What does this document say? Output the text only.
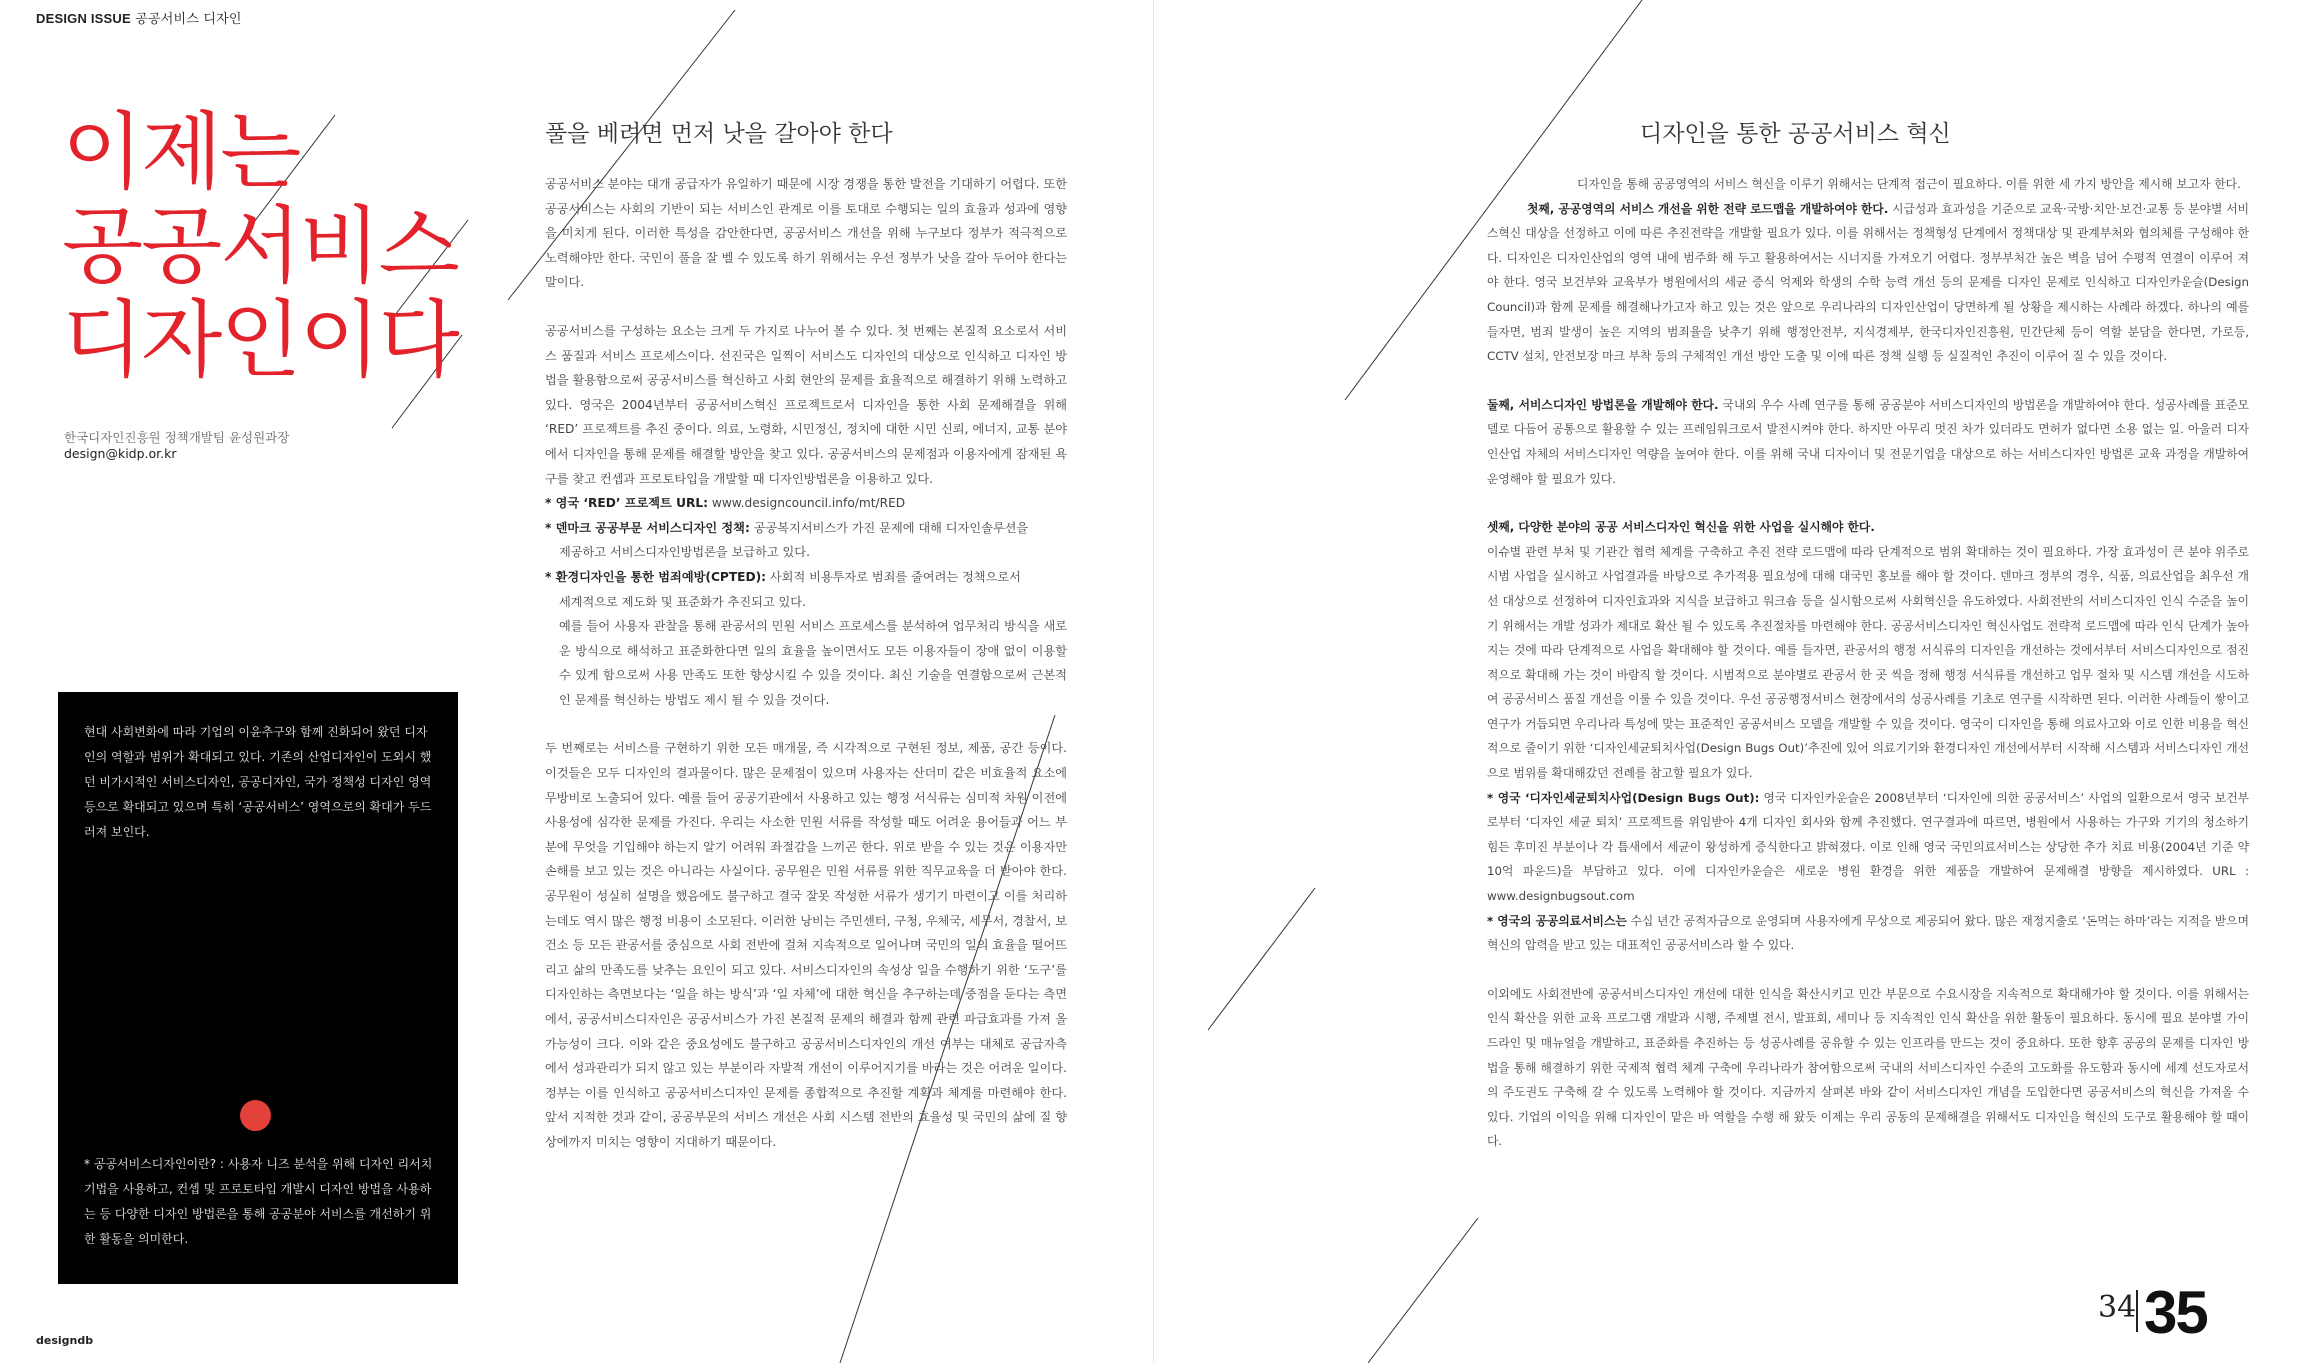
DESIGN ISSUE 공공서비스 디자인
이제는
공공서비스
디자인이다
한국디자인진흥원 정책개발팀 윤성원과장
design@kidp.or.kr
풀을 베려면 먼저 낫을 갈아야 한다

공공서비스 분야는 대개 공급자가 유일하기 때문에 시장 경쟁을 통한 발전을 기대하기 어렵다. 또한 공공서비스는 사회의 기반이 되는 서비스인 관계로 이를 토대로 수행되는 일의 효율과 성과에 영향을 미치게 된다. 이러한 특성을 감안한다면, 공공서비스 개선을 위해 누구보다 정부가 적극적으로 노력해야만 한다. 국민이 풀을 잘 벨 수 있도록 하기 위해서는 우선 정부가 낫을 갈아 두어야 한다는 말이다.

공공서비스를 구성하는 요소는 크게 두 가지로 나누어 볼 수 있다. 첫 번째는 본질적 요소로서 서비스 품질과 서비스 프로세스이다. 선진국은 일찍이 서비스도 디자인의 대상으로 인식하고 디자인 방법을 활용함으로써 공공서비스를 혁신하고 사회 현안의 문제를 효율적으로 해결하기 위해 노력하고 있다. 영국은 2004년부터 공공서비스혁신 프로젝트로서 디자인을 통한 사회 문제해결을 위해 ‘RED’ 프로젝트를 추진 중이다. 의료, 노령화, 시민정신, 정치에 대한 시민 신뢰, 에너지, 교통 분야에서 디자인을 통해 문제를 해결할 방안을 찾고 있다. 공공서비스의 문제점과 이용자에게 잠재된 욕구를 찾고 컨셉과 프로토타입을 개발할 때 디자인방법론을 이용하고 있다.

* 영국 ‘RED’ 프로젝트 URL: www.designcouncil.info/mt/RED

* 덴마크 공공부문 서비스디자인 정책: 공공복지서비스가 가진 문제에 대해 디자인솔루션을

제공하고 서비스디자인방법론을 보급하고 있다.

* 환경디자인을 통한 범죄예방(CPTED): 사회적 비용투자로 범죄를 줄여려는 정책으로서

세계적으로 제도화 및 표준화가 추진되고 있다.

예를 들어 사용자 관찰을 통해 관공서의 민원 서비스 프로세스를 분석하여 업무처리 방식을 새로운 방식으로 해석하고 표준화한다면 일의 효율을 높이면서도 모든 이용자들이 장애 없이 이용할 수 있게 함으로써 사용 만족도 또한 향상시킬 수 있을 것이다. 최신 기술을 연결함으로써 근본적인 문제를 혁신하는 방법도 제시 될 수 있을 것이다.

두 번째로는 서비스를 구현하기 위한 모든 매개물, 즉 시각적으로 구현된 정보, 제품, 공간 등이다. 이것들은 모두 디자인의 결과물이다. 많은 문제점이 있으며 사용자는 산더미 같은 비효율적 요소에 무방비로 노출되어 있다. 예를 들어 공공기관에서 사용하고 있는 행정 서식류는 심미적 차원 이전에 사용성에 심각한 문제를 가진다. 우리는 사소한 민원 서류를 작성할 때도 어려운 용어들과 어느 부분에 무엇을 기입해야 하는지 알기 어려워 좌절감을 느끼곤 한다. 위로 받을 수 있는 것은 이용자만 손해를 보고 있는 것은 아니라는 사실이다. 공무원은 민원 서류를 위한 직무교육을 더 받아야 한다. 공무원이 성실히 설명을 했음에도 불구하고 결국 잘못 작성한 서류가 생기기 마련이고 이를 처리하는데도 역시 많은 행정 비용이 소모된다. 이러한 낭비는 주민센터, 구청, 우체국, 세무서, 경찰서, 보건소 등 모든 관공서를 중심으로 사회 전반에 걸쳐 지속적으로 일어나며 국민의 일의 효율을 떨어뜨리고 삶의 만족도를 낮추는 요인이 되고 있다. 서비스디자인의 속성상 일을 수행하기 위한 ‘도구’를 디자인하는 측면보다는 ‘일을 하는 방식’과 ‘일 자체’에 대한 혁신을 추구하는데 중점을 둔다는 측면에서, 공공서비스디자인은 공공서비스가 가진 본질적 문제의 해결과 함께 관련 파급효과를 가져 올 가능성이 크다. 이와 같은 중요성에도 불구하고 공공서비스디자인의 개선 여부는 대체로 공급자측에서 성과관리가 되지 않고 있는 부분이라 자발적 개선이 이루어지기를 바라는 것은 어려운 일이다. 정부는 이를 인식하고 공공서비스디자인 문제를 종합적으로 추진할 계획과 체계를 마련해야 한다. 앞서 지적한 것과 같이, 공공부문의 서비스 개선은 사회 시스템 전반의 효율성 및 국민의 삶에 질 향상에까지 미치는 영향이 지대하기 때문이다.

현대 사회변화에 따라 기업의 이윤추구와 함께 진화되어 왔던 디자인의 역할과 범위가 확대되고 있다. 기존의 산업디자인이 도외시 했던 비가시적인 서비스디자인, 공공디자인, 국가 정책성 디자인 영역 등으로 확대되고 있으며 특히 ‘공공서비스’ 영역으로의 확대가 두드러져 보인다.
* 공공서비스디자인이란? : 사용자 니즈 분석을 위해 디자인 리서치 기법을 사용하고, 컨셉 및 프로토타입 개발시 디자인 방법을 사용하는 등 다양한 디자인 방법론을 통해 공공분야 서비스를 개선하기 위한 활동을 의미한다.
디자인을 통한 공공서비스 혁신

디자인을 통해 공공영역의 서비스 혁신을 이루기 위해서는 단계적 접근이 필요하다. 이를 위한 세 가지 방안을 제시해 보고자 한다.

첫째, 공공영역의 서비스 개선을 위한 전략 로드맵을 개발하여야 한다. 시급성과 효과성을 기준으로 교육·국방·치안·보건·교통 등 분야별 서비스혁신 대상을 선정하고 이에 따른 추진전략을 개발할 필요가 있다. 이를 위해서는 정책형성 단계에서 정책대상 및 관계부처와 협의체를 구성해야 한다. 디자인은 디자인산업의 영역 내에 범주화 해 두고 활용하여서는 시너지를 가져오기 어렵다. 정부부처간 높은 벽을 넘어 수평적 연결이 이루어 져야 한다. 영국 보건부와 교육부가 병원에서의 세균 증식 억제와 학생의 수학 능력 개선 등의 문제를 디자인 문제로 인식하고 디자인카운슬(Design Council)과 함께 문제를 해결해나가고자 하고 있는 것은 앞으로 우리나라의 디자인산업이 당면하게 될 상황을 제시하는 사례라 하겠다. 하나의 예를 들자면, 범죄 발생이 높은 지역의 범죄율을 낮추기 위해 행정안전부, 지식경제부, 한국디자인진흥원, 민간단체 등이 역할 분담을 한다면, 가로등, CCTV 설치, 안전보장 마크 부착 등의 구체적인 개선 방안 도출 및 이에 따른 정책 실행 등 실질적인 추진이 이루어 질 수 있을 것이다.

둘째, 서비스디자인 방법론을 개발해야 한다. 국내외 우수 사례 연구를 통해 공공분야 서비스디자인의 방법론을 개발하여야 한다. 성공사례를 표준모델로 다듬어 공통으로 활용할 수 있는 프레임워크로서 발전시켜야 한다. 하지만 아무리 멋진 차가 있더라도 면허가 없다면 소용 없는 일. 아울러 디자인산업 자체의 서비스디자인 역량을 높여야 한다. 이를 위해 국내 디자이너 및 전문기업을 대상으로 하는 서비스디자인 방법론 교육 과정을 개발하여 운영해야 할 필요가 있다.

셋째, 다양한 분야의 공공 서비스디자인 혁신을 위한 사업을 실시해야 한다.

이슈별 관련 부처 및 기관간 협력 체계를 구축하고 추진 전략 로드맵에 따라 단계적으로 범위 확대하는 것이 필요하다. 가장 효과성이 큰 분야 위주로 시범 사업을 실시하고 사업결과를 바탕으로 추가적용 필요성에 대해 대국민 홍보를 해야 할 것이다. 덴마크 정부의 경우, 식품, 의료산업을 최우선 개선 대상으로 선정하여 디자인효과와 지식을 보급하고 워크숍 등을 실시함으로써 사회혁신을 유도하였다. 사회전반의 서비스디자인 인식 수준을 높이기 위해서는 개발 성과가 제대로 확산 될 수 있도록 추진절차를 마련해야 한다. 공공서비스디자인 혁신사업도 전략적 로드맵에 따라 인식 단계가 높아지는 것에 따라 단계적으로 사업을 확대해야 할 것이다. 예를 들자면, 관공서의 행정 서식류의 디자인을 개선하는 것에서부터 서비스디자인으로 점진적으로 확대해 가는 것이 바람직 할 것이다. 시범적으로 분야별로 관공서 한 곳 씩을 정해 행정 서식류를 개선하고 업무 절차 및 시스템 개선을 시도하여 공공서비스 품질 개선을 이룰 수 있을 것이다. 우선 공공행정서비스 현장에서의 성공사례를 기초로 연구를 시작하면 된다. 이러한 사례들이 쌓이고 연구가 거듭되면 우리나라 특성에 맞는 표준적인 공공서비스 모델을 개발할 수 있을 것이다. 영국이 디자인을 통해 의료사고와 이로 인한 비용을 혁신적으로 줄이기 위한 ‘디자인세균퇴치사업(Design Bugs Out)’추진에 있어 의료기기와 환경디자인 개선에서부터 시작해 시스템과 서비스디자인 개선으로 범위를 확대해갔던 전례를 참고할 필요가 있다.

* 영국 ‘디자인세균퇴치사업(Design Bugs Out): 영국 디자인카운슬은 2008년부터 ‘디자인에 의한 공공서비스’ 사업의 일환으로서 영국 보건부로부터 ‘디자인 세균 퇴치’ 프로젝트를 위임받아 4개 디자인 회사와 함께 추진했다. 연구결과에 따르면, 병원에서 사용하는 가구와 기기의 청소하기 힘든 후미진 부분이나 각 틈새에서 세균이 왕성하게 증식한다고 밝혀졌다. 이로 인해 영국 국민의료서비스는 상당한 추가 치료 비용(2004년 기준 약 10억 파운드)을 부담하고 있다. 이에 디자인카운슬은 새로운 병원 환경을 위한 제품을 개발하여 문제해결 방향을 제시하였다. URL : www.designbugsout.com

* 영국의 공공의료서비스는 수십 년간 공적자금으로 운영되며 사용자에게 무상으로 제공되어 왔다. 많은 재정지출로 ‘돈먹는 하마’라는 지적을 받으며 혁신의 압력을 받고 있는 대표적인 공공서비스라 할 수 있다.

이외에도 사회전반에 공공서비스디자인 개선에 대한 인식을 확산시키고 민간 부문으로 수요시장을 지속적으로 확대해가야 할 것이다. 이를 위해서는 인식 확산을 위한 교육 프로그램 개발과 시행, 주제별 전시, 발표회, 세미나 등 지속적인 인식 확산을 위한 활동이 필요하다. 동시에 필요 분야별 가이드라인 및 매뉴얼을 개발하고, 표준화를 추진하는 등 성공사례를 공유할 수 있는 인프라를 만드는 것이 중요하다. 또한 향후 공공의 문제를 디자인 방법을 통해 해결하기 위한 국제적 협력 체계 구축에 우리나라가 참여함으로써 국내의 서비스디자인 수준의 고도화를 유도함과 동시에 세계 선도자로서의 주도권도 구축해 갈 수 있도록 노력해야 할 것이다. 지금까지 살펴본 바와 같이 서비스디자인 개념을 도입한다면 공공서비스의 혁신을 가져올 수 있다. 기업의 이익을 위해 디자인이 맡은 바 역할을 수행 해 왔듯 이제는 우리 공동의 문제해결을 위해서도 디자인을 혁신의 도구로 활용해야 할 때이다.

designdb
34 35
